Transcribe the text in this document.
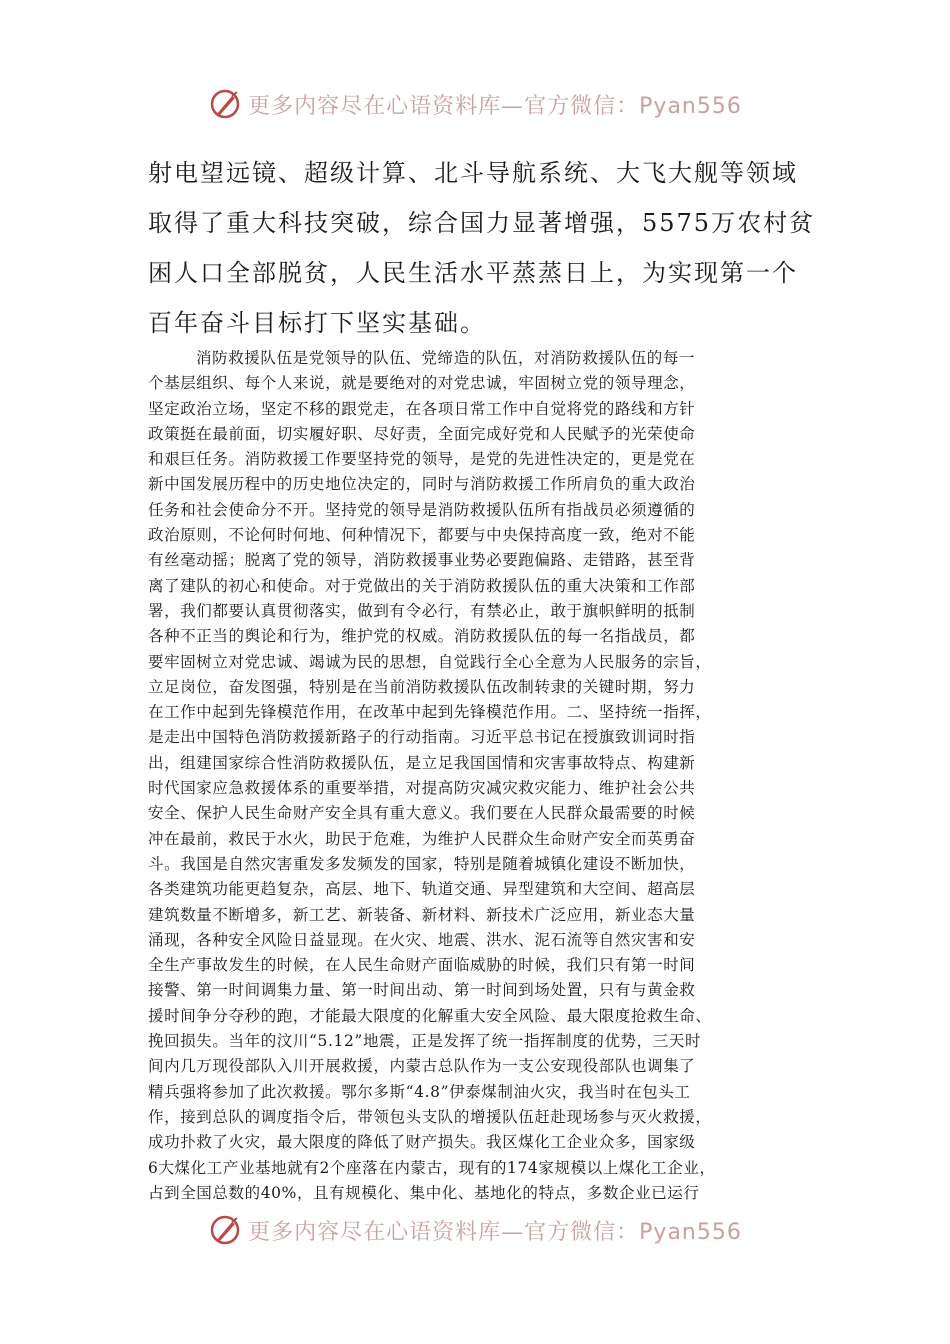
更多内容尽在心语资料库—官方微信：Pyan556
射电望远镜、超级计算、北斗导航系统、大飞大舰等领域
取得了重大科技突破，综合国力显著增强，5575万农村贫
困人口全部脱贫，人民生活水平蒸蒸日上，为实现第一个
百年奋斗目标打下坚实基础。
消防救援队伍是党领导的队伍、党缔造的队伍，对消防救援队伍的每一
个基层组织、每个人来说，就是要绝对的对党忠诚，牢固树立党的领导理念，
坚定政治立场，坚定不移的跟党走，在各项日常工作中自觉将党的路线和方针
政策挺在最前面，切实履好职、尽好责，全面完成好党和人民赋予的光荣使命
和艰巨任务。消防救援工作要坚持党的领导，是党的先进性决定的，更是党在
新中国发展历程中的历史地位决定的，同时与消防救援工作所肩负的重大政治
任务和社会使命分不开。坚持党的领导是消防救援队伍所有指战员必须遵循的
政治原则，不论何时何地、何种情况下，都要与中央保持高度一致，绝对不能
有丝毫动摇；脱离了党的领导，消防救援事业势必要跑偏路、走错路，甚至背
离了建队的初心和使命。对于党做出的关于消防救援队伍的重大决策和工作部
署，我们都要认真贯彻落实，做到有令必行，有禁必止，敢于旗帜鲜明的抵制
各种不正当的舆论和行为，维护党的权威。消防救援队伍的每一名指战员，都
要牢固树立对党忠诚、竭诚为民的思想，自觉践行全心全意为人民服务的宗旨，
立足岗位，奋发图强，特别是在当前消防救援队伍改制转隶的关键时期，努力
在工作中起到先锋模范作用，在改革中起到先锋模范作用。二、坚持统一指挥，
是走出中国特色消防救援新路子的行动指南。习近平总书记在授旗致训词时指
出，组建国家综合性消防救援队伍，是立足我国国情和灾害事故特点、构建新
时代国家应急救援体系的重要举措，对提高防灾减灾救灾能力、维护社会公共
安全、保护人民生命财产安全具有重大意义。我们要在人民群众最需要的时候
冲在最前，救民于水火，助民于危难，为维护人民群众生命财产安全而英勇奋
斗。我国是自然灾害重发多发频发的国家，特别是随着城镇化建设不断加快，
各类建筑功能更趋复杂，高层、地下、轨道交通、异型建筑和大空间、超高层
建筑数量不断增多，新工艺、新装备、新材料、新技术广泛应用，新业态大量
涌现，各种安全风险日益显现。在火灾、地震、洪水、泥石流等自然灾害和安
全生产事故发生的时候，在人民生命财产面临威胁的时候，我们只有第一时间
接警、第一时间调集力量、第一时间出动、第一时间到场处置，只有与黄金救
援时间争分夺秒的跑，才能最大限度的化解重大安全风险、最大限度抢救生命、
挽回损失。当年的汶川“5.12”地震，正是发挥了统一指挥制度的优势，三天时
间内几万现役部队入川开展救援，内蒙古总队作为一支公安现役部队也调集了
精兵强将参加了此次救援。鄂尔多斯“4.8”伊泰煤制油火灾，我当时在包头工
作，接到总队的调度指令后，带领包头支队的增援队伍赶赴现场参与灭火救援，
成功扑救了火灾，最大限度的降低了财产损失。我区煤化工企业众多，国家级
6大煤化工产业基地就有2个座落在内蒙古，现有的174家规模以上煤化工企业，
占到全国总数的40%，且有规模化、集中化、基地化的特点，多数企业已运行
更多内容尽在心语资料库—官方微信：Pyan556
